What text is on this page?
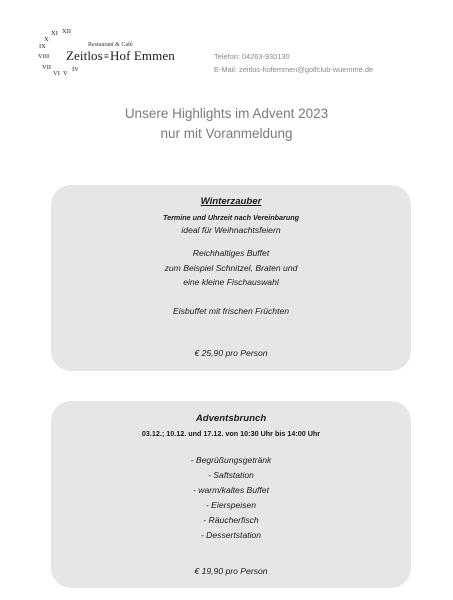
XII
XI
X
IX
VIII
VII
VI V
IV
Restaurant & Café
Zeitlos≡Hof Emmen	Telefon: 04263-930130
E-Mail: zeitlos-hofemmen@golfclub-wuemme.de
Unsere Highlights im Advent 2023
nur mit Voranmeldung
Winterzauber
Termine und Uhrzeit nach Vereinbarung
ideal für Weihnachtsfeiern
Reichhaltiges Buffet
zum Beispiel Schnitzel, Braten und
eine kleine Fischauswahl
Eisbuffet mit frischen Früchten
€ 25,90 pro Person
Adventsbrunch
03.12.; 10.12. und 17.12. von 10:30 Uhr bis 14:00 Uhr
- Begrüßungsgetränk
- Saftstation
- warm/kaltes Buffet
- Eierspeisen
- Räucherfisch
- Dessertstation
€ 19,90 pro Person
